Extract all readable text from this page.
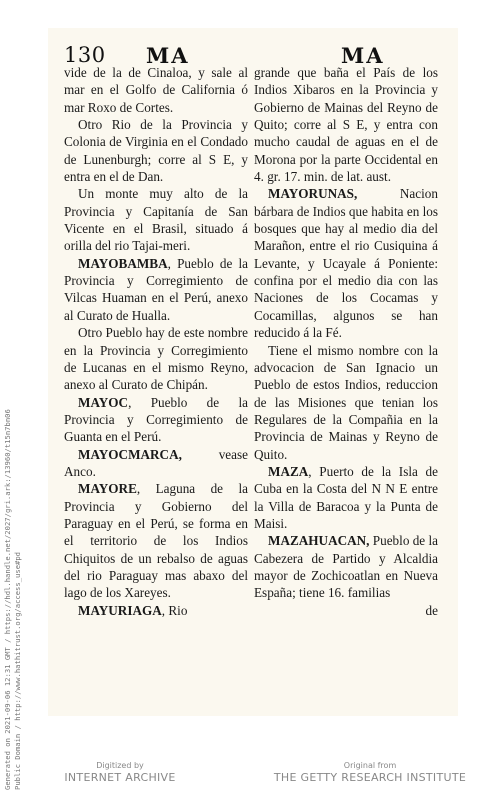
130 MA	MA

vide de la de Cinaloa, y sale al mar en el Golfo de California ó mar Roxo de Cortes.

Otro Rio de la Provincia y Colonia de Virginia en el Condado de Lunenburgh; corre al S E, y entra en el de Dan.

Un monte muy alto de la Provincia y Capitanía de San Vicente en el Brasil, situado á orilla del rio Tajai-meri.

MAYOBAMBA, Pueblo de la Provincia y Corregimiento de Vilcas Huaman en el Perú, anexo al Curato de Hualla.

Otro Pueblo hay de este nombre en la Provincia y Corregimiento de Lucanas en el mismo Reyno, anexo al Curato de Chipán.

MAYOC, Pueblo de la Provincia y Corregimiento de Guanta en el Perú.

MAYOCMARCA, vease Anco.

MAYORE, Laguna de la Provincia y Gobierno del Paraguay en el Perú, se forma en el territorio de los Indios Chiquitos de un rebalso de aguas del rio Paraguay mas abaxo del lago de los Xareyes.

MAYURIAGA, Rio

grande que baña el País de los Indios Xibaros en la Provincia y Gobierno de Mainas del Reyno de Quito; corre al S E, y entra con mucho caudal de aguas en el de Morona por la parte Occidental en 4. gr. 17. min. de lat. aust.

MAYORUNAS, Nacion bárbara de Indios que habita en los bosques que hay al medio dia del Marañon, entre el rio Cusiquina á Levante, y Ucayale á Poniente: confina por el medio dia con las Naciones de los Cocamas y Cocamillas, algunos se han reducido á la Fé.

Tiene el mismo nombre con la advocacion de San Ignacio un Pueblo de estos Indios, reduccion de las Misiones que tenian los Regulares de la Compañia en la Provincia de Mainas y Reyno de Quito.

MAZA, Puerto de la Isla de Cuba en la Costa del N N E entre la Villa de Baracoa y la Punta de Maisi.

MAZAHUACAN, Pueblo de la Cabezera de Partido y Alcaldia mayor de Zochicoatlan en Nueva España; tiene 16. familias

de

Generated on 2021-09-06 12:31 GMT / https://hdl.handle.net/2027/gri.ark:/13960/t15n7bn06 Public Domain / http://www.hathitrust.org/access_use#pd	Digitized by
INTERNET ARCHIVE
Original from
THE GETTY RESEARCH INSTITUTE
